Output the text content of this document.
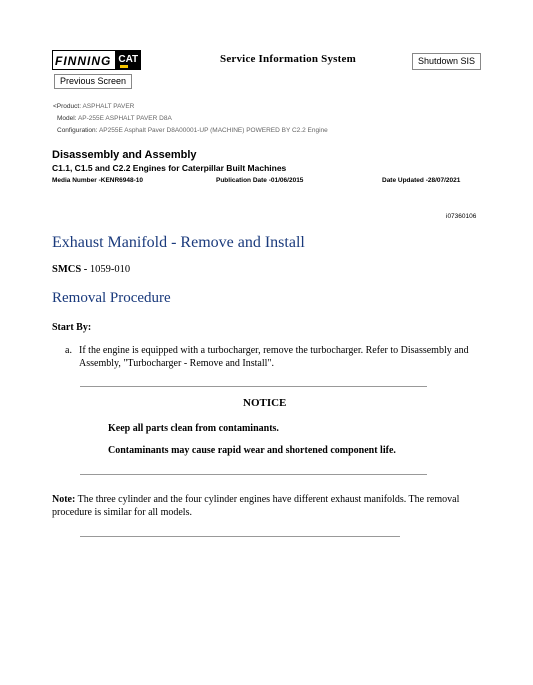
FINNING CAT
Previous Screen
Service Information System	Shutdown SIS
<Product: ASPHALT PAVER
Model: AP-255E ASPHALT PAVER D8A
Configuration: AP255E Asphalt Paver D8A00001-UP (MACHINE) POWERED BY C2.2 Engine
Disassembly and Assembly
C1.1, C1.5 and C2.2 Engines for Caterpillar Built Machines
Media Number -KENR6948-10	Publication Date -01/06/2015	Date Updated -28/07/2021
i07360106
Exhaust Manifold - Remove and Install
SMCS - 1059-010
Removal Procedure
Start By:
a. If the engine is equipped with a turbocharger, remove the turbocharger. Refer to Disassembly and Assembly, "Turbocharger - Remove and Install".
NOTICE
Keep all parts clean from contaminants.
Contaminants may cause rapid wear and shortened component life.
Note: The three cylinder and the four cylinder engines have different exhaust manifolds. The removal procedure is similar for all models.
